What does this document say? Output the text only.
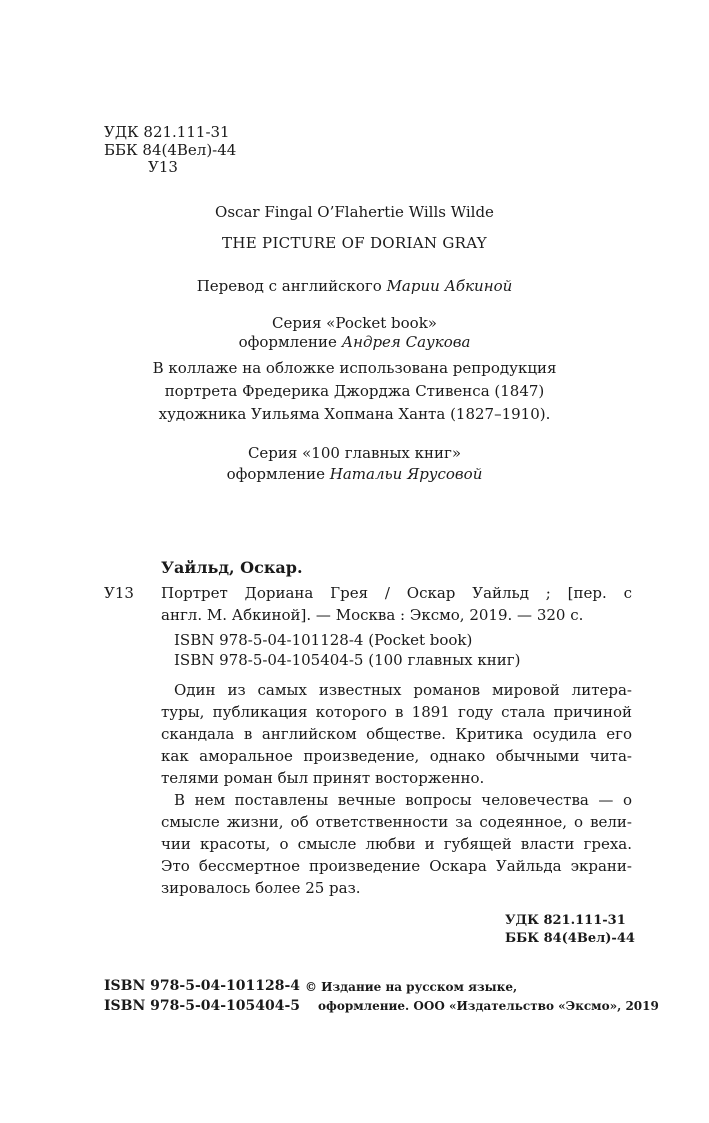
УДК 821.111-31
ББК 84(4Вел)-44
У13
Oscar Fingal O’Flahertie Wills Wilde
THE PICTURE OF DORIAN GRAY
Перевод с английского Марии Абкиной
Серия «Pocket book»
оформление Андрея Саукова
В коллаже на обложке использована репродукция
портрета Фредерика Джорджа Стивенса (1847)
художника Уильяма Хопмана Ханта (1827–1910).
Серия «100 главных книг»
оформление Натальи Ярусовой
Уайльд, Оскар.
У13 Портрет Дориана Грея / Оскар Уайльд ; [пер. с
англ. М. Абкиной]. — Москва : Эксмо, 2019. — 320 с.
ISBN 978-5-04-101128-4 (Pocket book)
ISBN 978-5-04-105404-5 (100 главных книг)
Один из самых известных романов мировой литера-
туры, публикация которого в 1891 году стала причиной
скандала в английском обществе. Критика осудила его
как аморальное произведение, однако обычными чита-
телями роман был принят восторженно.
В нем поставлены вечные вопросы человечества — о
смысле жизни, об ответственности за содеянное, о вели-
чии красоты, о смысле любви и губящей власти греха.
Это бессмертное произведение Оскара Уайльда экрани-
зировалось более 25 раз.
УДК 821.111-31
ББК 84(4Вел)-44
ISBN 978-5-04-101128-4
ISBN 978-5-04-105404-5
© Издание на русском языке,
оформление. ООО «Издательство «Эксмо», 2019
